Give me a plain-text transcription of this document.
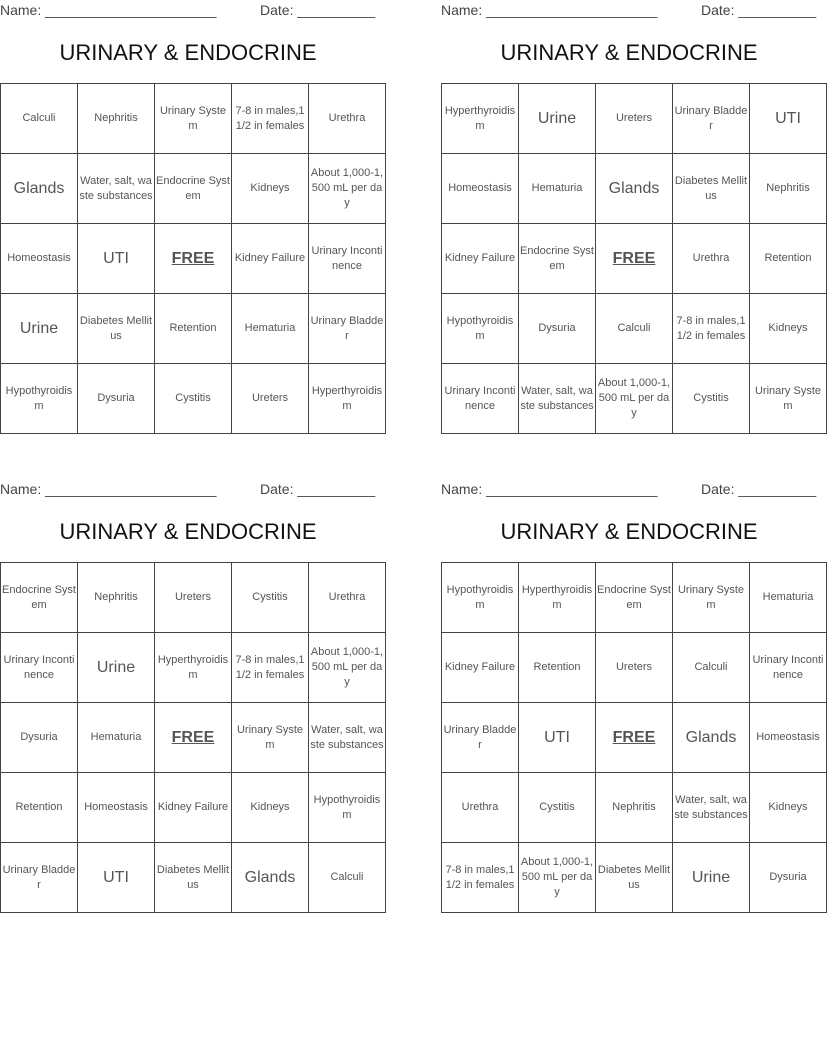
Name: ______________________	Date: __________
URINARY & ENDOCRINE
Calculi	Nephritis	Urinary System	7-8 in males,1 1/2 in females	Urethra
Glands	Water, salt, waste substances	Endocrine System	Kidneys	About 1,000-1,500 mL per day
Homeostasis	UTI	FREE	Kidney Failure	Urinary Incontinence
Urine	Diabetes Mellitus	Retention	Hematuria	Urinary Bladder
Hypothyroidism	Dysuria	Cystitis	Ureters	Hyperthyroidism
Name: ______________________	Date: __________
URINARY & ENDOCRINE
Hyperthyroidism	Urine	Ureters	Urinary Bladder	UTI
Homeostasis	Hematuria	Glands	Diabetes Mellitus	Nephritis
Kidney Failure	Endocrine System	FREE	Urethra	Retention
Hypothyroidism	Dysuria	Calculi	7-8 in males,1 1/2 in females	Kidneys
Urinary Incontinence	Water, salt, waste substances	About 1,000-1,500 mL per day	Cystitis	Urinary System
Name: ______________________	Date: __________
URINARY & ENDOCRINE
Endocrine System	Nephritis	Ureters	Cystitis	Urethra
Urinary Incontinence	Urine	Hyperthyroidism	7-8 in males,1 1/2 in females	About 1,000-1,500 mL per day
Dysuria	Hematuria	FREE	Urinary System	Water, salt, waste substances
Retention	Homeostasis	Kidney Failure	Kidneys	Hypothyroidism
Urinary Bladder	UTI	Diabetes Mellitus	Glands	Calculi
Name: ______________________	Date: __________
URINARY & ENDOCRINE
Hypothyroidism	Hyperthyroidism	Endocrine System	Urinary System	Hematuria
Kidney Failure	Retention	Ureters	Calculi	Urinary Incontinence
Urinary Bladder	UTI	FREE	Glands	Homeostasis
Urethra	Cystitis	Nephritis	Water, salt, waste substances	Kidneys
7-8 in males,1 1/2 in females	About 1,000-1,500 mL per day	Diabetes Mellitus	Urine	Dysuria
